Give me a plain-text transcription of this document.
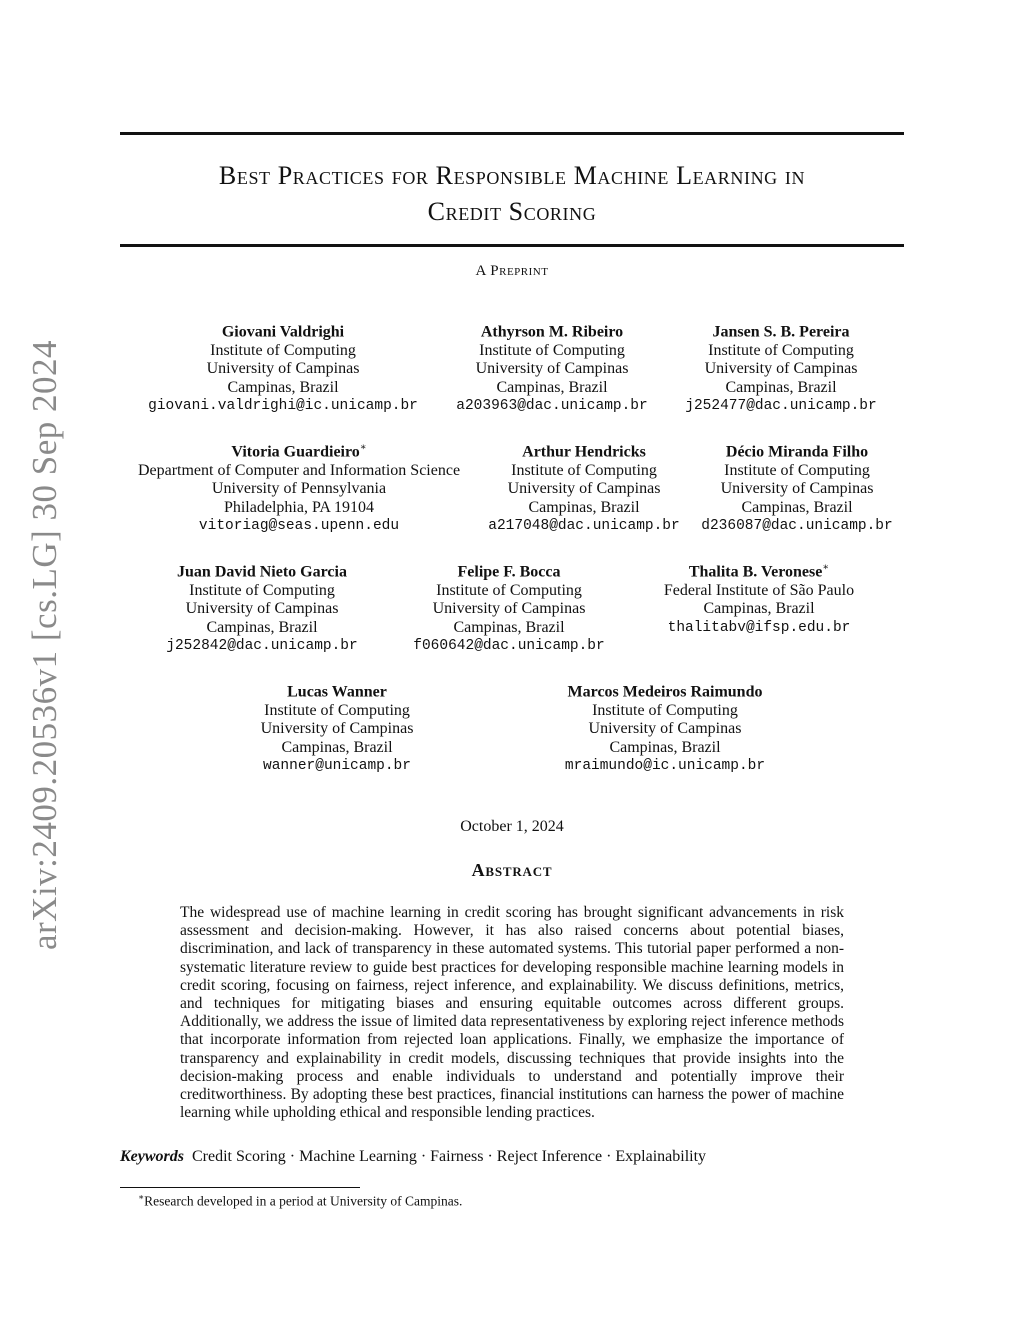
arXiv:2409.20536v1 [cs.LG] 30 Sep 2024
Best Practices for Responsible Machine Learning in
Credit Scoring
A Preprint
Giovani Valdrighi
Institute of Computing
University of Campinas
Campinas, Brazil
giovani.valdrighi@ic.unicamp.br
Athyrson M. Ribeiro
Institute of Computing
University of Campinas
Campinas, Brazil
a203963@dac.unicamp.br
Jansen S. B. Pereira
Institute of Computing
University of Campinas
Campinas, Brazil
j252477@dac.unicamp.br
Vitoria Guardieiro∗
Department of Computer and Information Science
University of Pennsylvania
Philadelphia, PA 19104
vitoriag@seas.upenn.edu
Arthur Hendricks
Institute of Computing
University of Campinas
Campinas, Brazil
a217048@dac.unicamp.br
Décio Miranda Filho
Institute of Computing
University of Campinas
Campinas, Brazil
d236087@dac.unicamp.br
Juan David Nieto Garcia
Institute of Computing
University of Campinas
Campinas, Brazil
j252842@dac.unicamp.br
Felipe F. Bocca
Institute of Computing
University of Campinas
Campinas, Brazil
f060642@dac.unicamp.br
Thalita B. Veronese∗
Federal Institute of São Paulo
Campinas, Brazil
thalitabv@ifsp.edu.br
Lucas Wanner
Institute of Computing
University of Campinas
Campinas, Brazil
wanner@unicamp.br
Marcos Medeiros Raimundo
Institute of Computing
University of Campinas
Campinas, Brazil
mraimundo@ic.unicamp.br
October 1, 2024
Abstract
The widespread use of machine learning in credit scoring has brought significant advancements in risk assessment and decision-making. However, it has also raised concerns about potential biases, discrimination, and lack of transparency in these automated systems. This tutorial paper performed a non-systematic literature review to guide best practices for developing responsible machine learning models in credit scoring, focusing on fairness, reject inference, and explainability. We discuss definitions, metrics, and techniques for mitigating biases and ensuring equitable outcomes across different groups. Additionally, we address the issue of limited data representativeness by exploring reject inference methods that incorporate information from rejected loan applications. Finally, we emphasize the importance of transparency and explainability in credit models, discussing techniques that provide insights into the decision-making process and enable individuals to understand and potentially improve their creditworthiness. By adopting these best practices, financial institutions can harness the power of machine learning while upholding ethical and responsible lending practices.
Keywords Credit Scoring · Machine Learning · Fairness · Reject Inference · Explainability
∗Research developed in a period at University of Campinas.
